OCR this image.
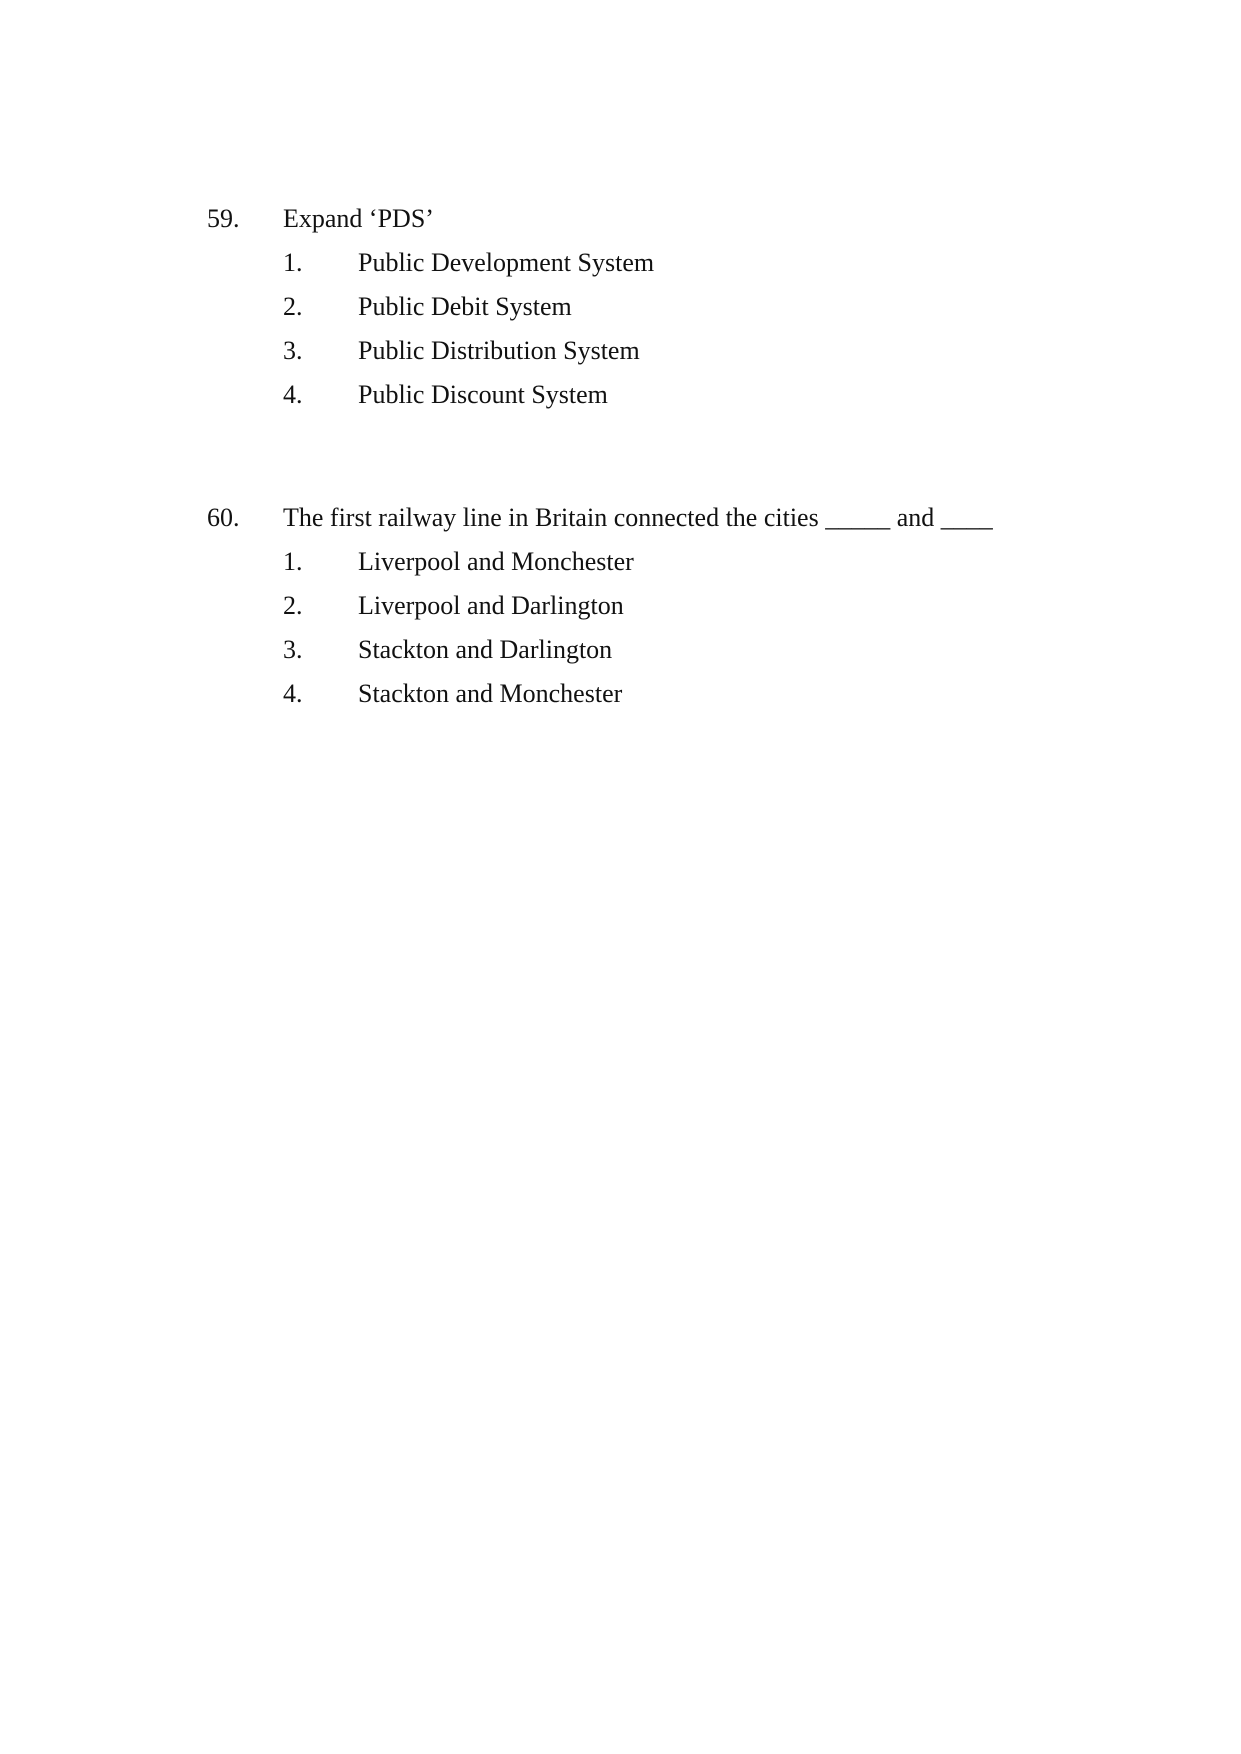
59.	Expand ‘PDS’
1.	Public Development System
2.	Public Debit System
3.	Public Distribution System
4.	Public Discount System
60.	The first railway line in Britain connected the cities _____ and ____
1.	Liverpool and Monchester
2.	Liverpool and Darlington
3.	Stackton and Darlington
4.	Stackton and Monchester
